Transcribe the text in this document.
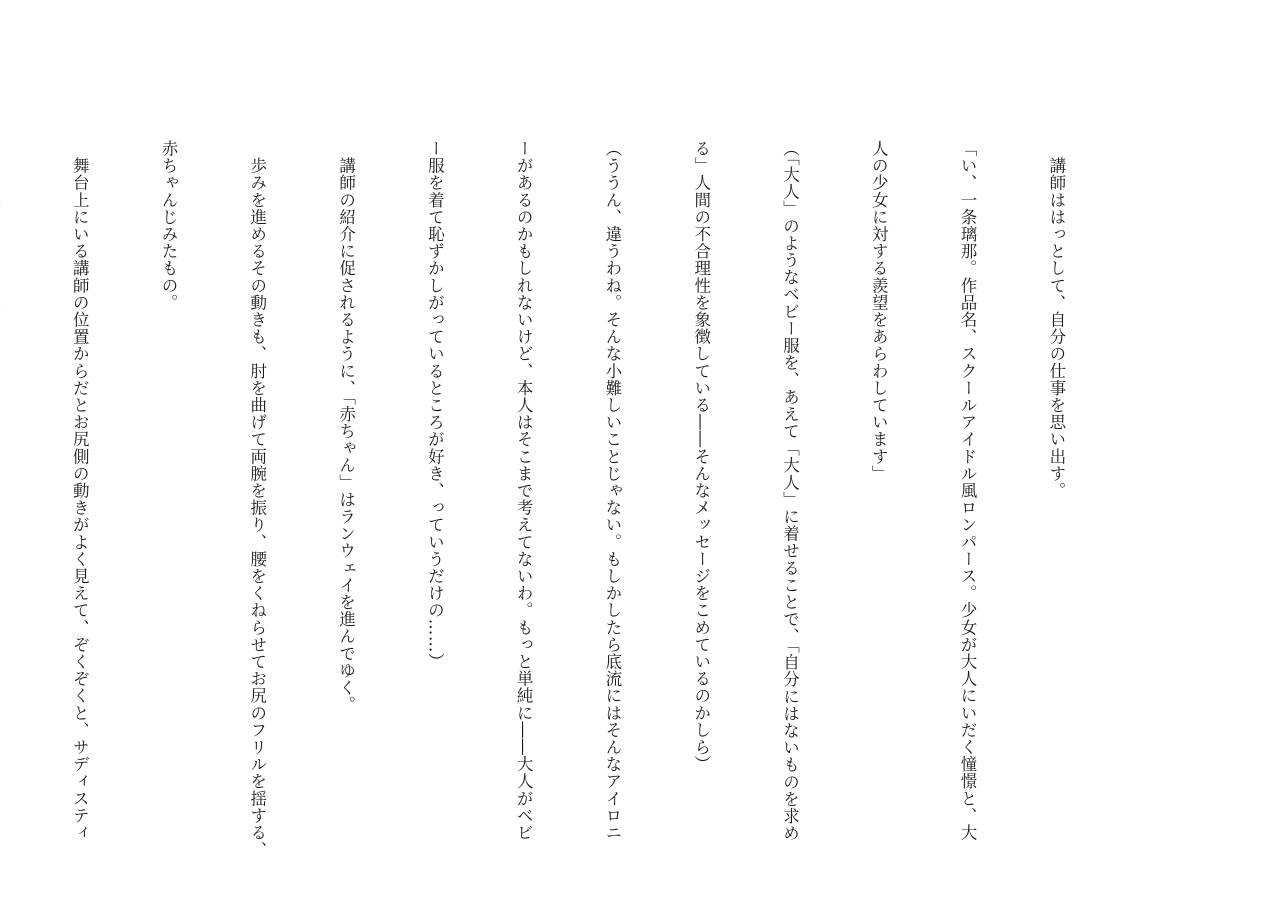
　講師ははっとして、自分の仕事を思い出す。

「い、一条璃那。作品名、スクールアイドル風ロンパース。少女が大人にいだく憧憬と、大

人の少女に対する羨望をあらわしています」

（「大人」のようなベビー服を、あえて「大人」に着せることで、「自分にはないものを求め

る」人間の不合理性を象徴している――そんなメッセージをこめているのかしら）

（ううん、違うわね。そんな小難しいことじゃない。もしかしたら底流にはそんなアイロニ

ーがあるのかもしれないけど、本人はそこまで考えてないわ。もっと単純に――大人がベビ

ー服を着て恥ずかしがっているところが好き、っていうだけの……）

　講師の紹介に促されるように、「赤ちゃん」はランウェイを進んでゆく。

　歩みを進めるその動きも、肘を曲げて両腕を振り、腰をくねらせてお尻のフリルを揺する、

赤ちゃんじみたもの。

　舞台上にいる講師の位置からだとお尻側の動きがよく見えて、ぞくぞくと、サディスティ
